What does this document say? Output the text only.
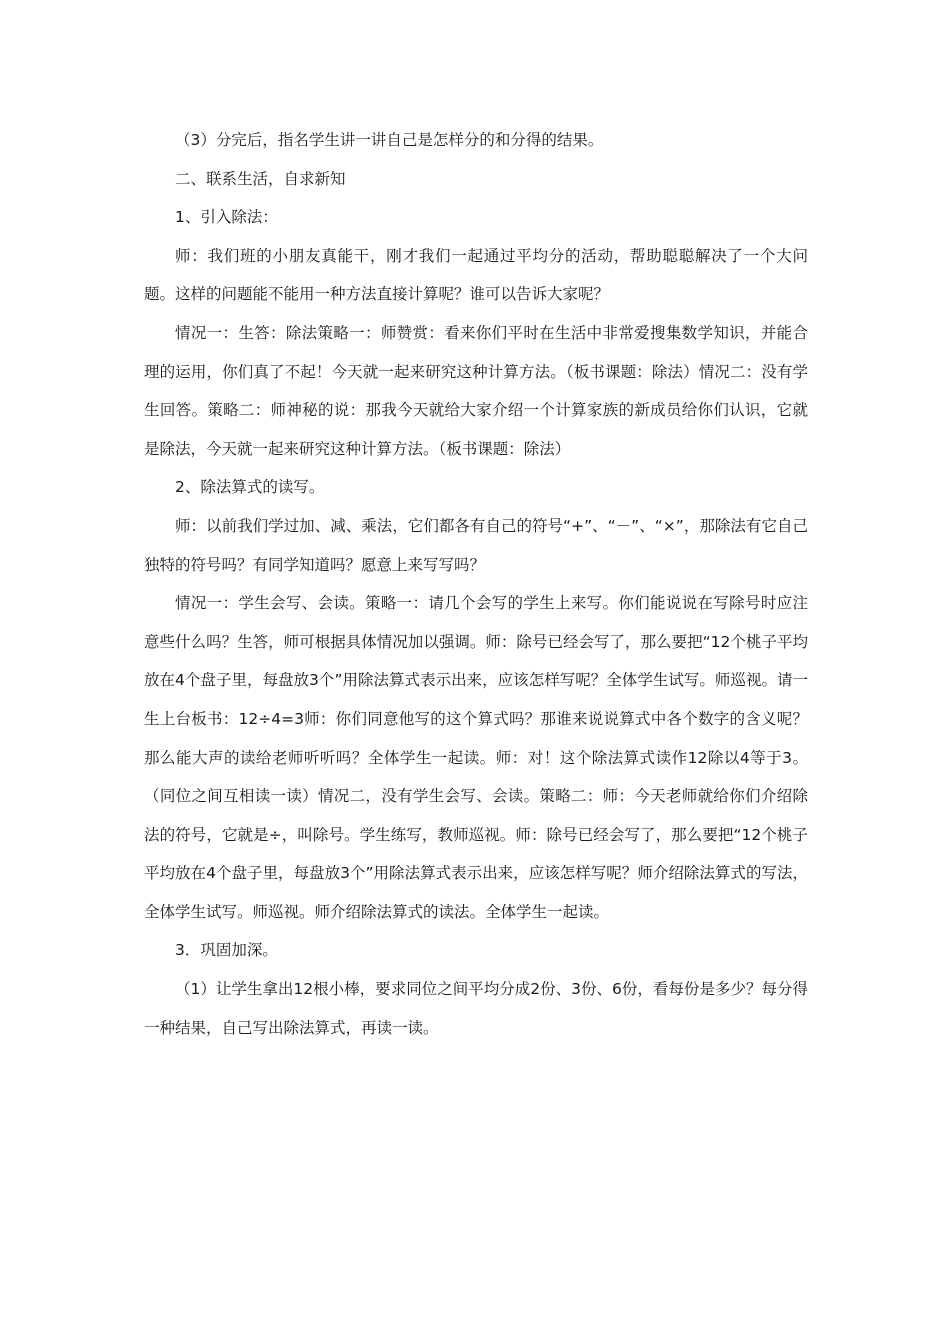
（3）分完后，指名学生讲一讲自己是怎样分的和分得的结果。

二、联系生活，自求新知

1、引入除法：

师：我们班的小朋友真能干，刚才我们一起通过平均分的活动，帮助聪聪解决了一个大问题。这样的问题能不能用一种方法直接计算呢？谁可以告诉大家呢？

情况一：生答：除法策略一：师赞赏：看来你们平时在生活中非常爱搜集数学知识，并能合理的运用，你们真了不起！今天就一起来研究这种计算方法。（板书课题：除法）情况二：没有学生回答。策略二：师神秘的说：那我今天就给大家介绍一个计算家族的新成员给你们认识，它就是除法，今天就一起来研究这种计算方法。（板书课题：除法）

2、除法算式的读写。

师：以前我们学过加、减、乘法，它们都各有自己的符号“+”、“－”、“×”，那除法有它自己独特的符号吗？有同学知道吗？愿意上来写写吗？

情况一：学生会写、会读。策略一：请几个会写的学生上来写。你们能说说在写除号时应注意些什么吗？生答，师可根据具体情况加以强调。师：除号已经会写了，那么要把“12个桃子平均放在4个盘子里，每盘放3个”用除法算式表示出来，应该怎样写呢？全体学生试写。师巡视。请一生上台板书：12÷4=3师：你们同意他写的这个算式吗？那谁来说说算式中各个数字的含义呢？那么能大声的读给老师听听吗？全体学生一起读。师：对！这个除法算式读作12除以4等于3。（同位之间互相读一读）情况二，没有学生会写、会读。策略二：师：今天老师就给你们介绍除法的符号，它就是÷，叫除号。学生练写，教师巡视。师：除号已经会写了，那么要把“12个桃子平均放在4个盘子里，每盘放3个”用除法算式表示出来，应该怎样写呢？师介绍除法算式的写法，全体学生试写。师巡视。师介绍除法算式的读法。全体学生一起读。

3．巩固加深。

（1）让学生拿出12根小棒，要求同位之间平均分成2份、3份、6份，看每份是多少？每分得一种结果，自己写出除法算式，再读一读。
